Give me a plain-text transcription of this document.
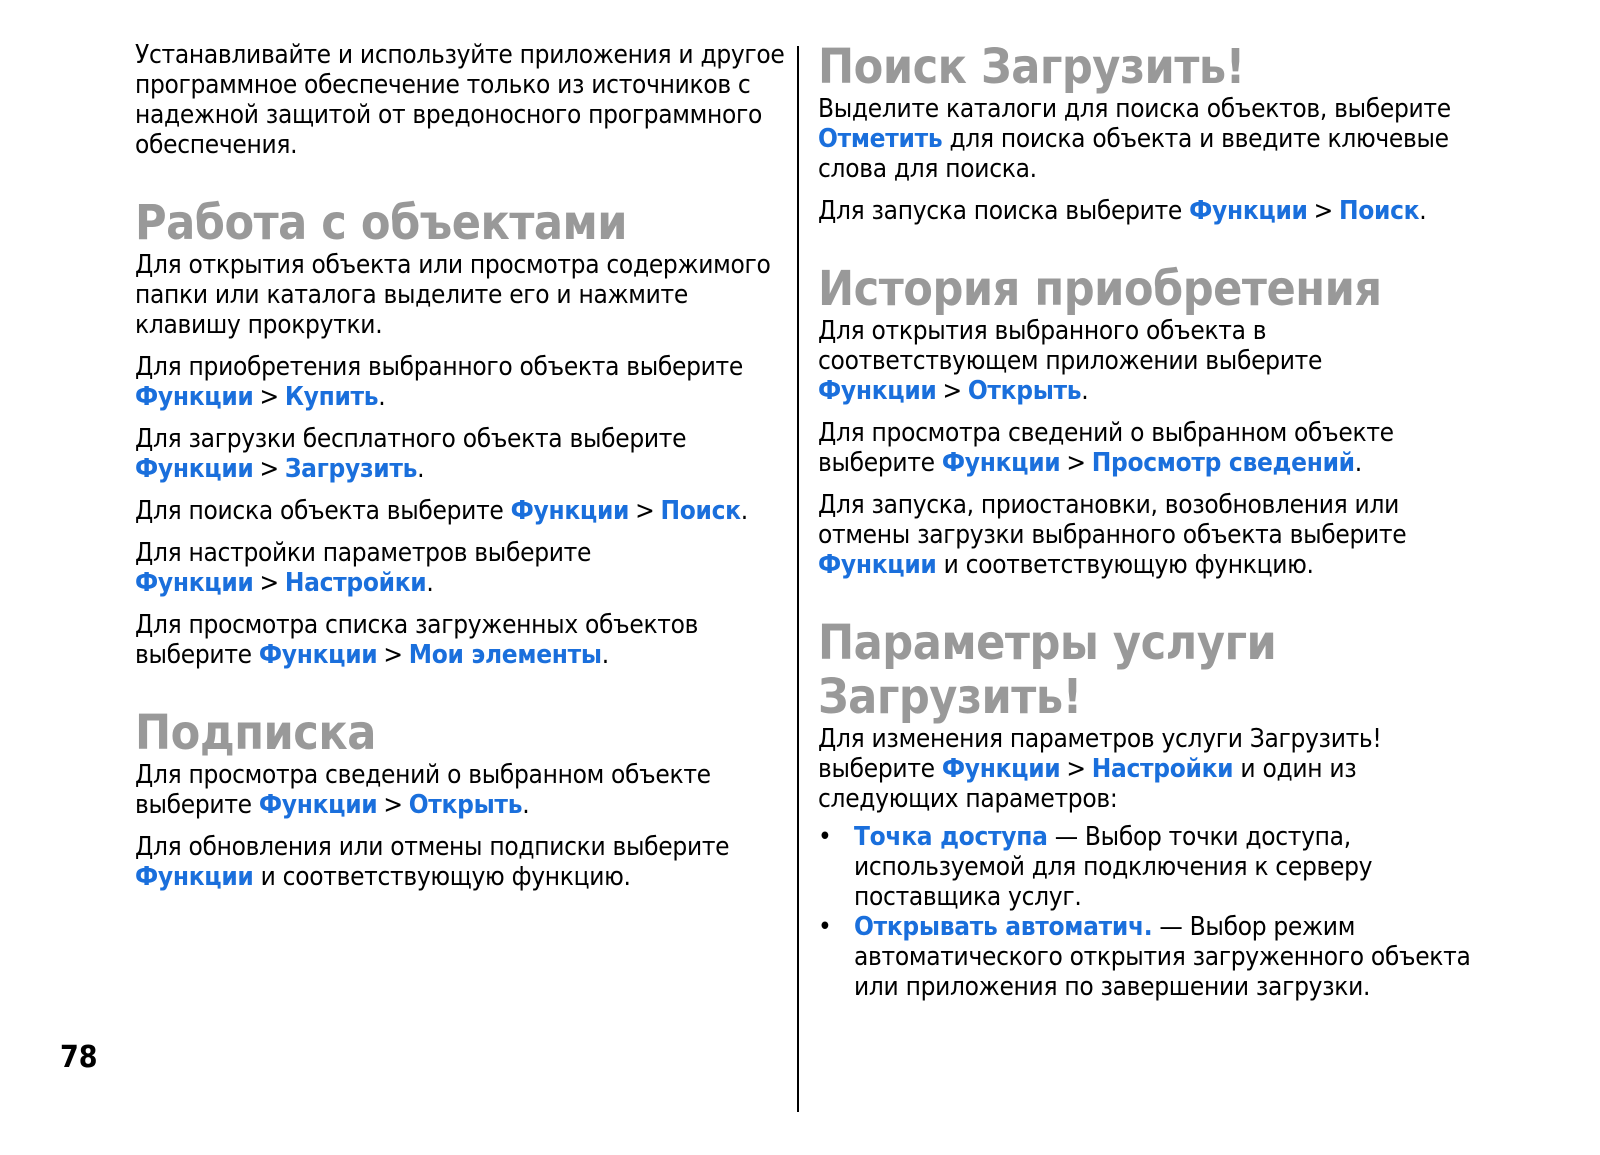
Устанавливайте и используйте приложения и другое программное обеспечение только из источников с надежной защитой от вредоносного программного обеспечения.

Работа с объектами

Для открытия объекта или просмотра содержимого папки или каталога выделите его и нажмите клавишу прокрутки.

Для приобретения выбранного объекта выберите Функции > Купить.

Для загрузки бесплатного объекта выберите Функции > Загрузить.

Для поиска объекта выберите Функции > Поиск.

Для настройки параметров выберите Функции > Настройки.

Для просмотра списка загруженных объектов выберите Функции > Мои элементы.

Подписка

Для просмотра сведений о выбранном объекте выберите Функции > Открыть.

Для обновления или отмены подписки выберите Функции и соответствующую функцию.

Поиск Загрузить!

Выделите каталоги для поиска объектов, выберите Отметить для поиска объекта и введите ключевые слова для поиска.

Для запуска поиска выберите Функции > Поиск.

История приобретения

Для открытия выбранного объекта в соответствующем приложении выберите Функции > Открыть.

Для просмотра сведений о выбранном объекте выберите Функции > Просмотр сведений.

Для запуска, приостановки, возобновления или отмены загрузки выбранного объекта выберите Функции и соответствующую функцию.

Параметры услуги
Загрузить!

Для изменения параметров услуги Загрузить! выберите Функции > Настройки и один из следующих параметров:

• Точка доступа — Выбор точки доступа, используемой для подключения к серверу поставщика услуг.
• Открывать автоматич. — Выбор режим автоматического открытия загруженного объекта или приложения по завершении загрузки.
78
